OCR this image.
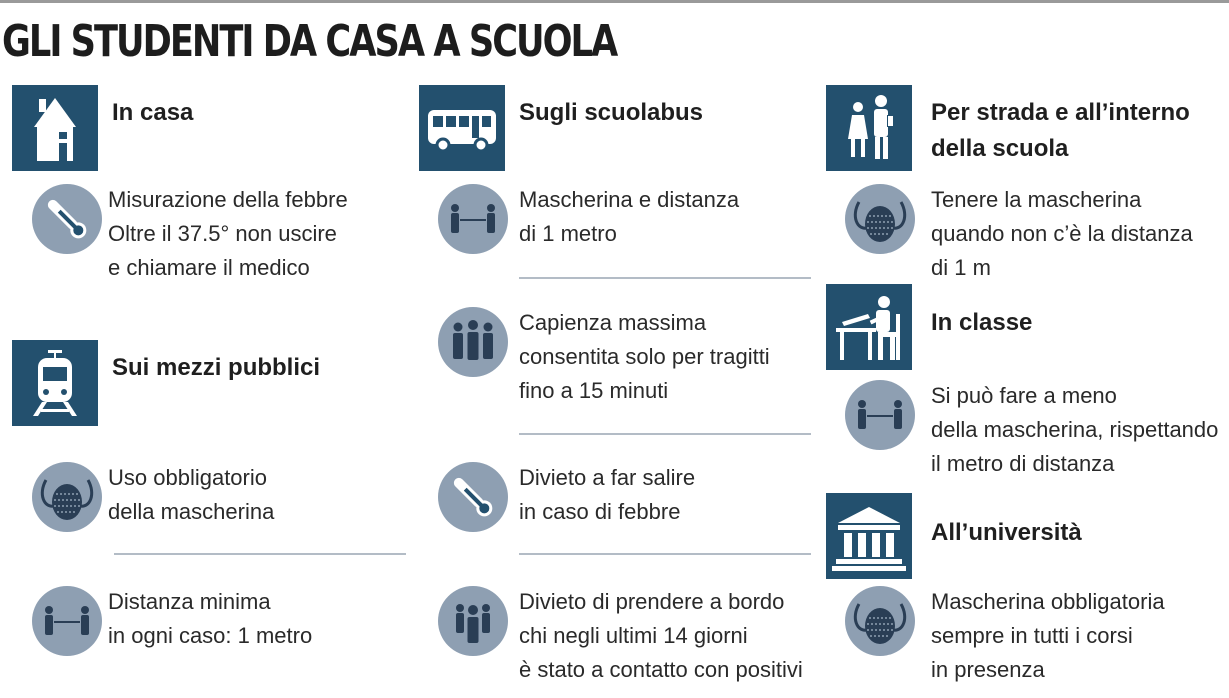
GLI STUDENTI DA CASA A SCUOLA
In casa
Misurazione della febbre
Oltre il 37.5° non uscire
e chiamare il medico
Sui mezzi pubblici
Uso obbligatorio
della mascherina
Distanza minima
in ogni caso: 1 metro
Sugli scuolabus
Mascherina e distanza
di 1 metro
Capienza massima
consentita solo per tragitti
fino a 15 minuti
Divieto a far salire
in caso di febbre
Divieto di prendere a bordo
chi negli ultimi 14 giorni
è stato a contatto con positivi
Per strada e all’interno
della scuola
Tenere la mascherina
quando non c’è la distanza
di 1 m
In classe
Si può fare a meno
della mascherina, rispettando
il metro di distanza
All’università
Mascherina obbligatoria
sempre in tutti i corsi
in presenza
